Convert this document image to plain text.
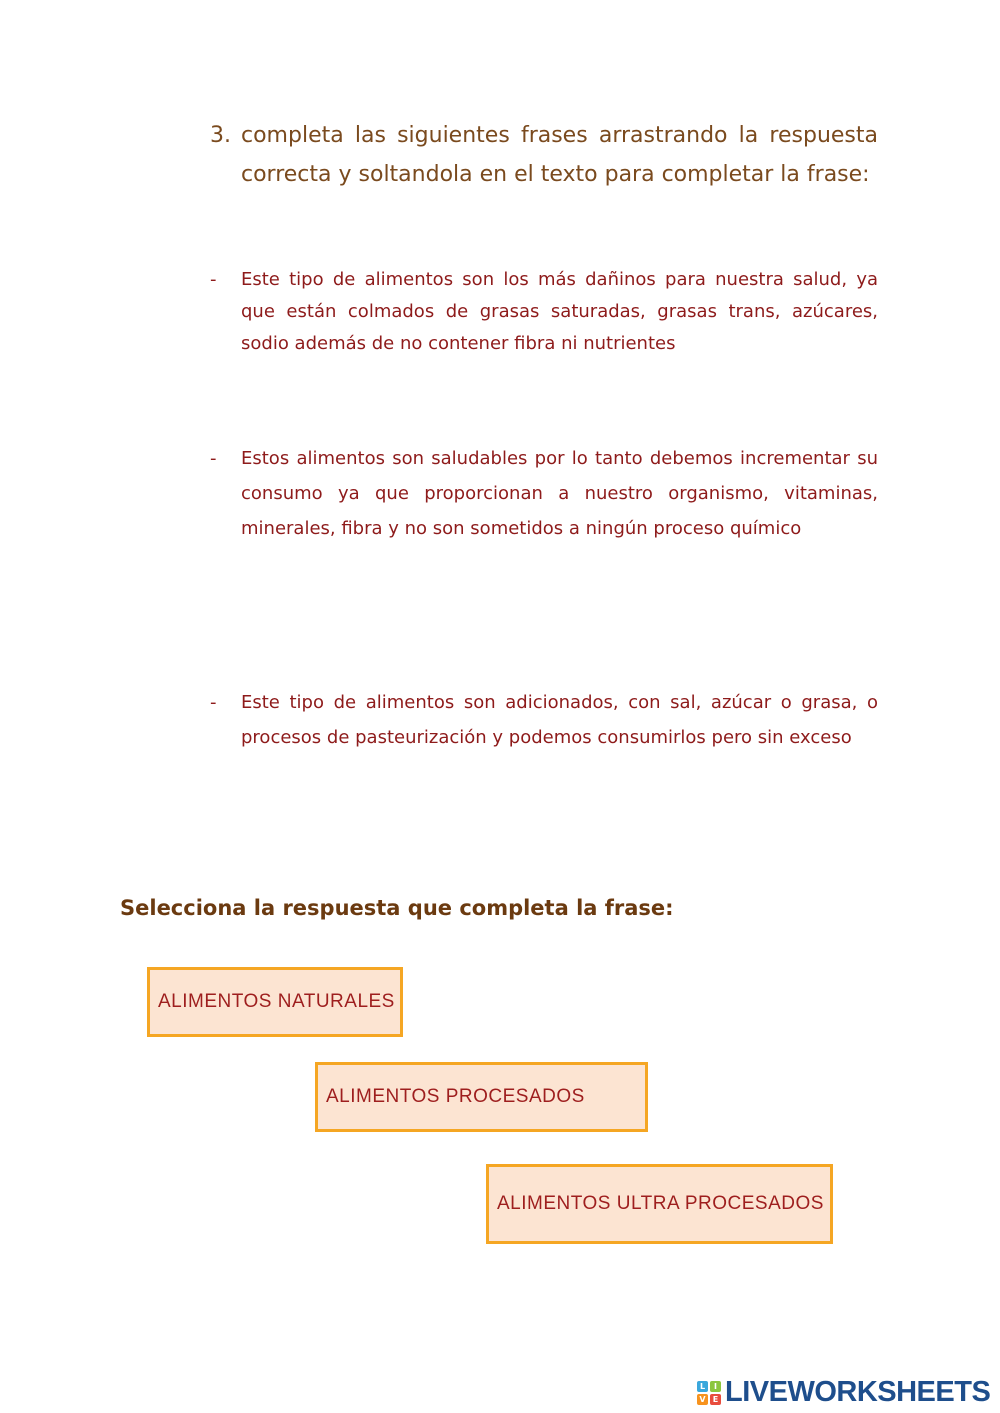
3. completa las siguientes frases arrastrando la respuesta correcta y soltandola en el texto para completar la frase:
- Este tipo de alimentos son los más dañinos para nuestra salud, ya que están colmados de grasas saturadas, grasas trans, azúcares, sodio además de no contener fibra ni nutrientes
- Estos alimentos son saludables por lo tanto debemos incrementar su consumo ya que proporcionan a nuestro organismo, vitaminas, minerales, fibra y no son sometidos a ningún proceso químico
- Este tipo de alimentos son adicionados, con sal, azúcar o grasa, o procesos de pasteurización y podemos consumirlos pero sin exceso
Selecciona la respuesta que completa la frase:
ALIMENTOS NATURALES
ALIMENTOS PROCESADOS
ALIMENTOS ULTRA PROCESADOS
L	I
V E LIVEWORKSHEETS
